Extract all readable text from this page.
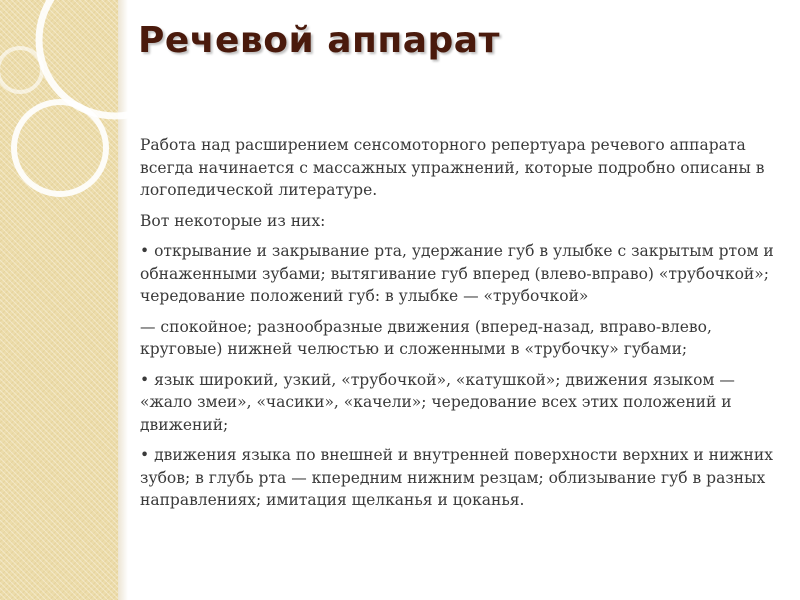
Речевой аппарат

Работа над расширением сенсомоторного репертуара речевого аппарата всегда начинается с массажных упражнений, которые подробно описаны в логопедической литературе.

Вот некоторые из них:

• открывание и закрывание рта, удержание губ в улыбке с закрытым ртом и обнаженными зубами; вытягивание губ вперед (влево-вправо) «трубочкой»; чередование положений губ: в улыбке — «трубочкой»

— спокойное; разнообразные движения (вперед-назад, вправо-влево, круговые) нижней челюстью и сложенными в «трубочку» губами;

• язык широкий, узкий, «трубочкой», «катушкой»; движения языком — «жало змеи», «часики», «качели»; чередование всех этих положений и движений;

• движения языка по внешней и внутренней поверхности верхних и нижних зубов; в глубь рта — кпередним нижним резцам; облизывание губ в разных направлениях; имитация щелканья и цоканья.
